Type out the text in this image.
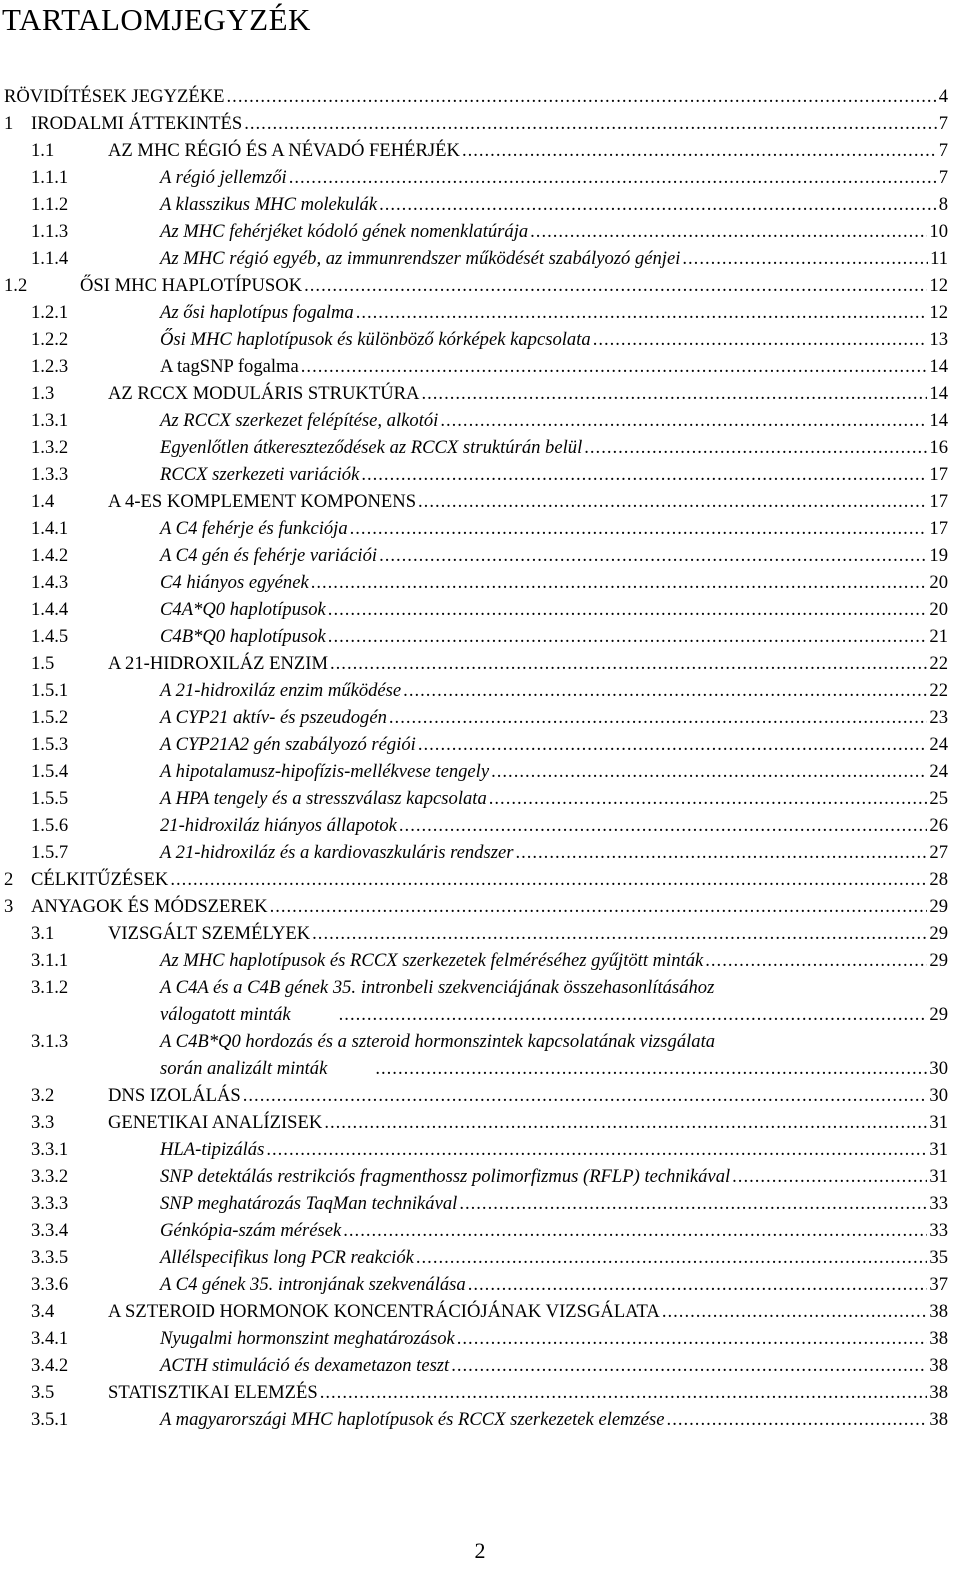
TARTALOMJEGYZÉK
RÖVIDÍTÉSEK JEGYZÉKE .....	4
1 IRODALMI ÁTTEKINTÉS .....	7
1.1	AZ MHC RÉGIÓ ÉS A NÉVADÓ FEHÉRJÉK .....	7
1.1.1	A régió jellemzői .....	7
1.1.2	A klasszikus MHC molekulák .....	8
1.1.3	Az MHC fehérjéket kódoló gének nomenklatúrája .....	10
1.1.4	Az MHC régió egyéb, az immunrendszer működését szabályozó génjei .....	11
1.2	ŐSI MHC HAPLOTÍPUSOK .....	12
1.2.1	Az ősi haplotípus fogalma .....	12
1.2.2	Ősi MHC haplotípusok és különböző kórképek kapcsolata .....	13
1.2.3	A tagSNP fogalma .....	14
1.3	AZ RCCX MODULÁRIS STRUKTÚRA .....	14
1.3.1	Az RCCX szerkezet felépítése, alkotói .....	14
1.3.2	Egyenlőtlen átkereszteződések az RCCX struktúrán belül .....	16
1.3.3	RCCX szerkezeti variációk .....	17
1.4	A 4-ES KOMPLEMENT KOMPONENS .....	17
1.4.1	A C4 fehérje és funkciója .....	17
1.4.2	A C4 gén és fehérje variációi .....	19
1.4.3	C4 hiányos egyének .....	20
1.4.4	C4A*Q0 haplotípusok .....	20
1.4.5	C4B*Q0 haplotípusok .....	21
1.5	A 21-HIDROXILÁZ ENZIM .....	22
1.5.1	A 21-hidroxiláz enzim működése .....	22
1.5.2	A CYP21 aktív- és pszeudogén .....	23
1.5.3	A CYP21A2 gén szabályozó régiói .....	24
1.5.4	A hipotalamusz-hipofízis-mellékvese tengely .....	24
1.5.5	A HPA tengely és a stresszválasz kapcsolata .....	25
1.5.6	21-hidroxiláz hiányos állapotok .....	26
1.5.7	A 21-hidroxiláz és a kardiovaszkuláris rendszer .....	27
2 CÉLKITŰZÉSEK .....	28
3 ANYAGOK ÉS MÓDSZEREK .....	29
3.1	VIZSGÁLT SZEMÉLYEK .....	29
3.1.1	Az MHC haplotípusok és RCCX szerkezetek felméréséhez gyűjtött minták .....	29
3.1.2	A C4A és a C4B gének 35. intronbeli szekvenciájának összehasonlításához
válogatott minták .....	29
3.1.3	A C4B*Q0 hordozás és a szteroid hormonszintek kapcsolatának vizsgálata
során analizált minták .....	30
3.2	DNS IZOLÁLÁS .....	30
3.3	GENETIKAI ANALÍZISEK .....	31
3.3.1	HLA-tipizálás .....	31
3.3.2	SNP detektálás restrikciós fragmenthossz polimorfizmus (RFLP) technikával .....	31
3.3.3	SNP meghatározás TaqMan technikával .....	33
3.3.4	Génkópia-szám mérések .....	33
3.3.5	Allélspecifikus long PCR reakciók .....	35
3.3.6	A C4 gének 35. intronjának szekvenálása .....	37
3.4	A SZTEROID HORMONOK KONCENTRÁCIÓJÁNAK VIZSGÁLATA .....	38
3.4.1	Nyugalmi hormonszint meghatározások .....	38
3.4.2	ACTH stimuláció és dexametazon teszt .....	38
3.5	STATISZTIKAI ELEMZÉS .....	38
3.5.1	A magyarországi MHC haplotípusok és RCCX szerkezetek elemzése .....	38
2
